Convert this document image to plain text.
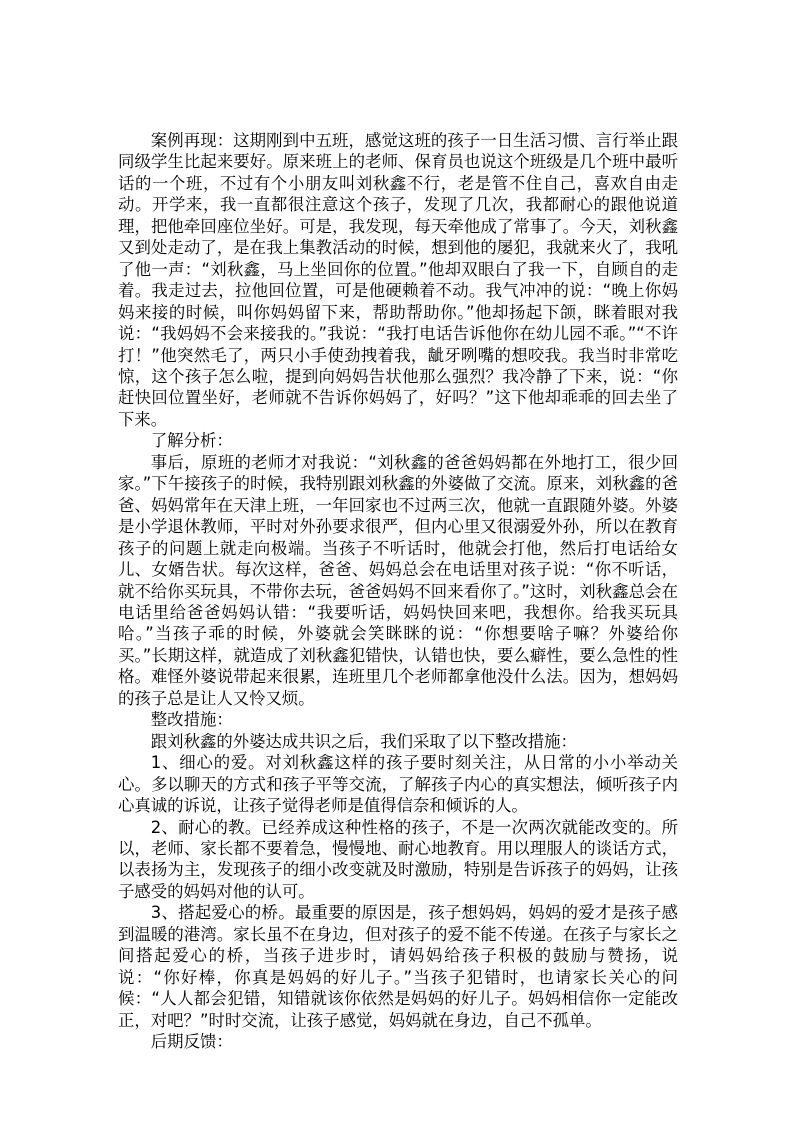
案例再现：这期刚到中五班，感觉这班的孩子一日生活习惯、言行举止跟同级学生比起来要好。原来班上的老师、保育员也说这个班级是几个班中最听话的一个班，不过有个小朋友叫刘秋鑫不行，老是管不住自己，喜欢自由走动。开学来，我一直都很注意这个孩子，发现了几次，我都耐心的跟他说道理，把他牵回座位坐好。可是，我发现，每天牵他成了常事了。今天，刘秋鑫又到处走动了，是在我上集教活动的时候，想到他的屡犯，我就来火了，我吼了他一声：“刘秋鑫，马上坐回你的位置。”他却双眼白了我一下，自顾自的走着。我走过去，拉他回位置，可是他硬赖着不动。我气冲冲的说：“晚上你妈妈来接的时候，叫你妈妈留下来，帮助帮助你。”他却扬起下颌，眯着眼对我说：“我妈妈不会来接我的。”我说：“我打电话告诉他你在幼儿园不乖。”“不许打！”他突然毛了，两只小手使劲拽着我，龇牙咧嘴的想咬我。我当时非常吃惊，这个孩子怎么啦，提到向妈妈告状他那么强烈？我冷静了下来，说：“你赶快回位置坐好，老师就不告诉你妈妈了，好吗？”这下他却乖乖的回去坐了下来。

了解分析：

事后，原班的老师才对我说：“刘秋鑫的爸爸妈妈都在外地打工，很少回家。”下午接孩子的时候，我特别跟刘秋鑫的外婆做了交流。原来，刘秋鑫的爸爸、妈妈常年在天津上班，一年回家也不过两三次，他就一直跟随外婆。外婆是小学退休教师，平时对外孙要求很严，但内心里又很溺爱外孙，所以在教育孩子的问题上就走向极端。当孩子不听话时，他就会打他，然后打电话给女儿、女婿告状。每次这样，爸爸、妈妈总会在电话里对孩子说：“你不听话，就不给你买玩具，不带你去玩，爸爸妈妈不回来看你了。”这时，刘秋鑫总会在电话里给爸爸妈妈认错：“我要听话，妈妈快回来吧，我想你。给我买玩具哈。”当孩子乖的时候，外婆就会笑眯眯的说：“你想要啥子嘛？外婆给你买。”长期这样，就造成了刘秋鑫犯错快，认错也快，要么癖性，要么急性的性格。难怪外婆说带起来很累，连班里几个老师都拿他没什么法。因为，想妈妈的孩子总是让人又怜又烦。

整改措施：

跟刘秋鑫的外婆达成共识之后，我们采取了以下整改措施：

1、细心的爱。对刘秋鑫这样的孩子要时刻关注，从日常的小小举动关心。多以聊天的方式和孩子平等交流，了解孩子内心的真实想法，倾听孩子内心真诚的诉说，让孩子觉得老师是值得信奈和倾诉的人。

2、耐心的教。已经养成这种性格的孩子，不是一次两次就能改变的。所以，老师、家长都不要着急，慢慢地、耐心地教育。用以理服人的谈话方式，以表扬为主，发现孩子的细小改变就及时激励，特别是告诉孩子的妈妈，让孩子感受的妈妈对他的认可。

3、搭起爱心的桥。最重要的原因是，孩子想妈妈，妈妈的爱才是孩子感到温暖的港湾。家长虽不在身边，但对孩子的爱不能不传递。在孩子与家长之间搭起爱心的桥，当孩子进步时，请妈妈给孩子积极的鼓励与赞扬，说说：“你好棒，你真是妈妈的好儿子。”当孩子犯错时，也请家长关心的问候：“人人都会犯错，知错就该你依然是妈妈的好儿子。妈妈相信你一定能改正，对吧？”时时交流，让孩子感觉，妈妈就在身边，自己不孤单。

后期反馈：
